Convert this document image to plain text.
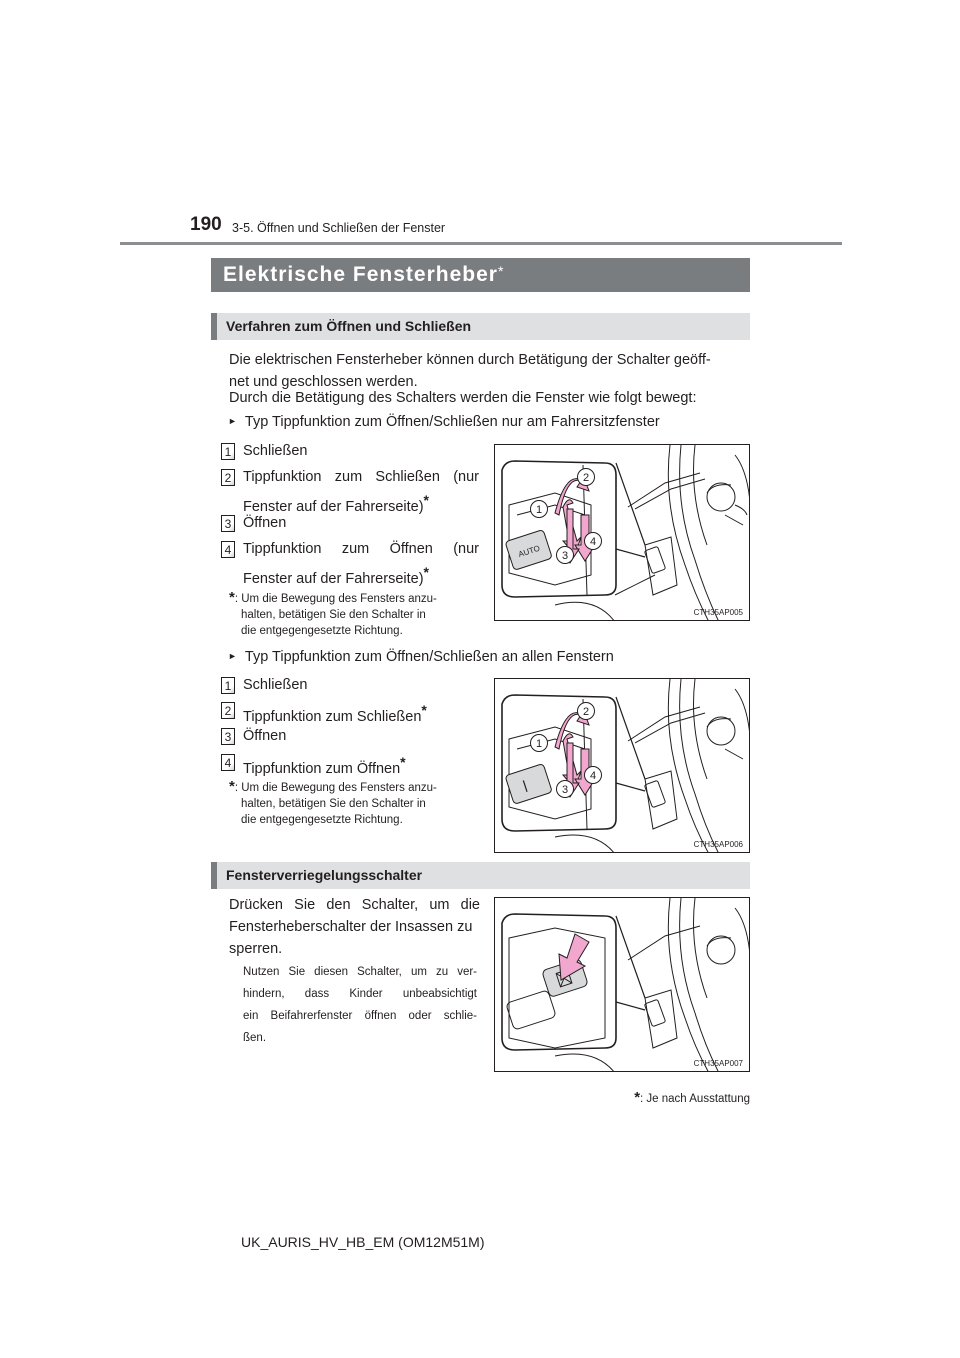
190 3-5. Öffnen und Schließen der Fenster
Elektrische Fensterheber*
Verfahren zum Öffnen und Schließen
Die elektrischen Fensterheber können durch Betätigung der Schalter geöff-
net und geschlossen werden.
Durch die Betätigung des Schalters werden die Fenster wie folgt bewegt:
► Typ Tippfunktion zum Öffnen/Schließen nur am Fahrersitzfenster
1 Schließen
2 Tippfunktion zum Schließen (nur
Fenster auf der Fahrerseite)*
3 Öffnen
4 Tippfunktion zum Öffnen (nur
Fenster auf der Fahrerseite)*
*: Um die Bewegung des Fensters anzu-
halten, betätigen Sie den Schalter in
die entgegengesetzte Richtung.
AUTO
2
1
3
4
CTH35AP005
► Typ Tippfunktion zum Öffnen/Schließen an allen Fenstern
1 Schließen
2 Tippfunktion zum Schließen*
3 Öffnen
4 Tippfunktion zum Öffnen*
*: Um die Bewegung des Fensters anzu-
halten, betätigen Sie den Schalter in
die entgegengesetzte Richtung.
2
1
3
4
CTH35AP006
Fensterverriegelungsschalter
Drücken Sie den Schalter, um die
Fensterheberschalter der Insassen zu
sperren.
Nutzen Sie diesen Schalter, um zu ver-
hindern, dass Kinder unbeabsichtigt
ein Beifahrerfenster öffnen oder schlie-
ßen.
CTH35AP007
*: Je nach Ausstattung
UK_AURIS_HV_HB_EM (OM12M51M)
